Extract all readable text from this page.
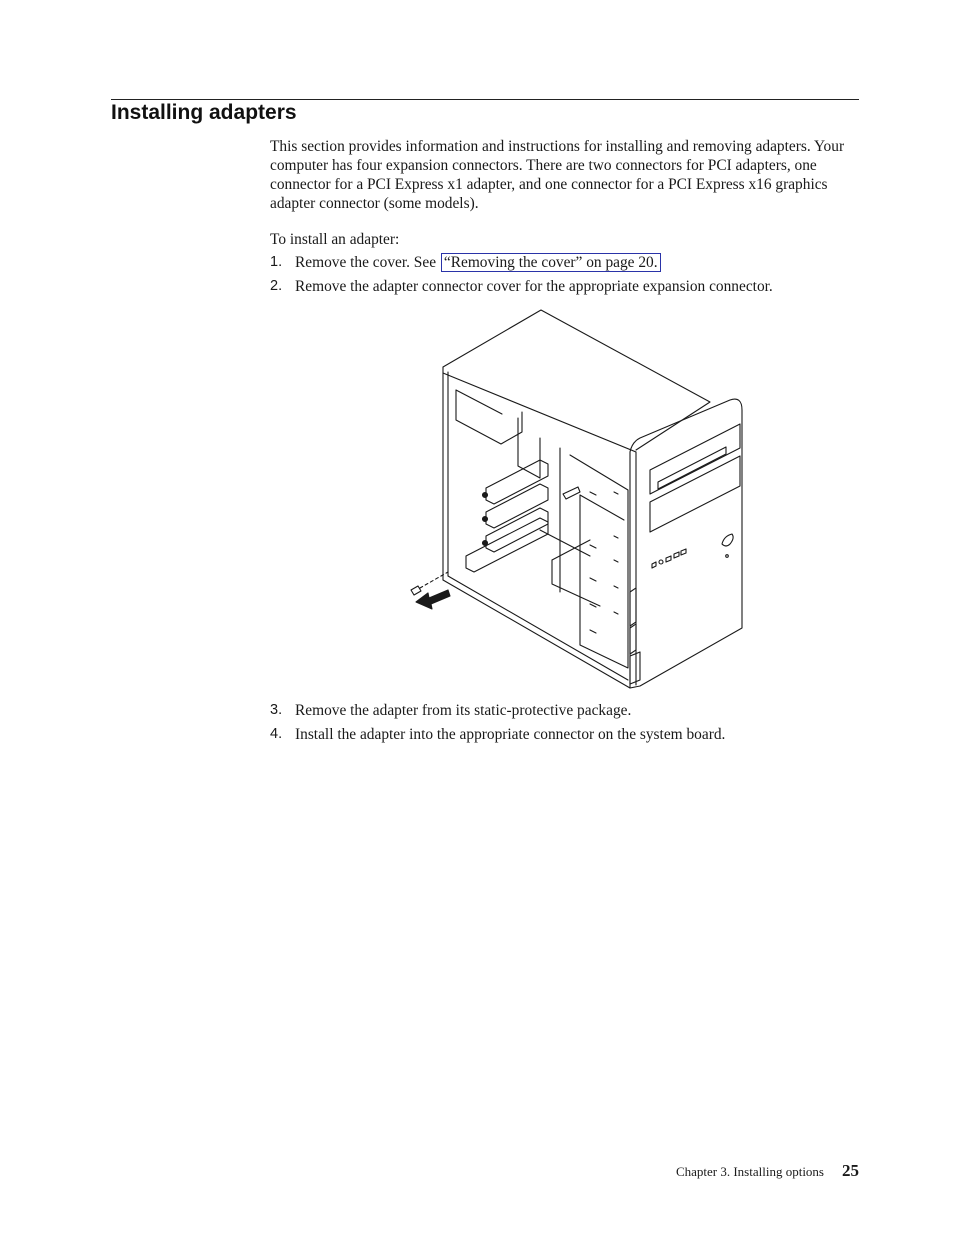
Installing adapters

This section provides information and instructions for installing and removing adapters. Your computer has four expansion connectors. There are two connectors for PCI adapters, one connector for a PCI Express x1 adapter, and one connector for a PCI Express x16 graphics adapter connector (some models).

To install an adapter:

1. Remove the cover. See “Removing the cover” on page 20.
2. Remove the adapter connector cover for the appropriate expansion connector.
3. Remove the adapter from its static-protective package.
4. Install the adapter into the appropriate connector on the system board.
Chapter 3. Installing options 25
